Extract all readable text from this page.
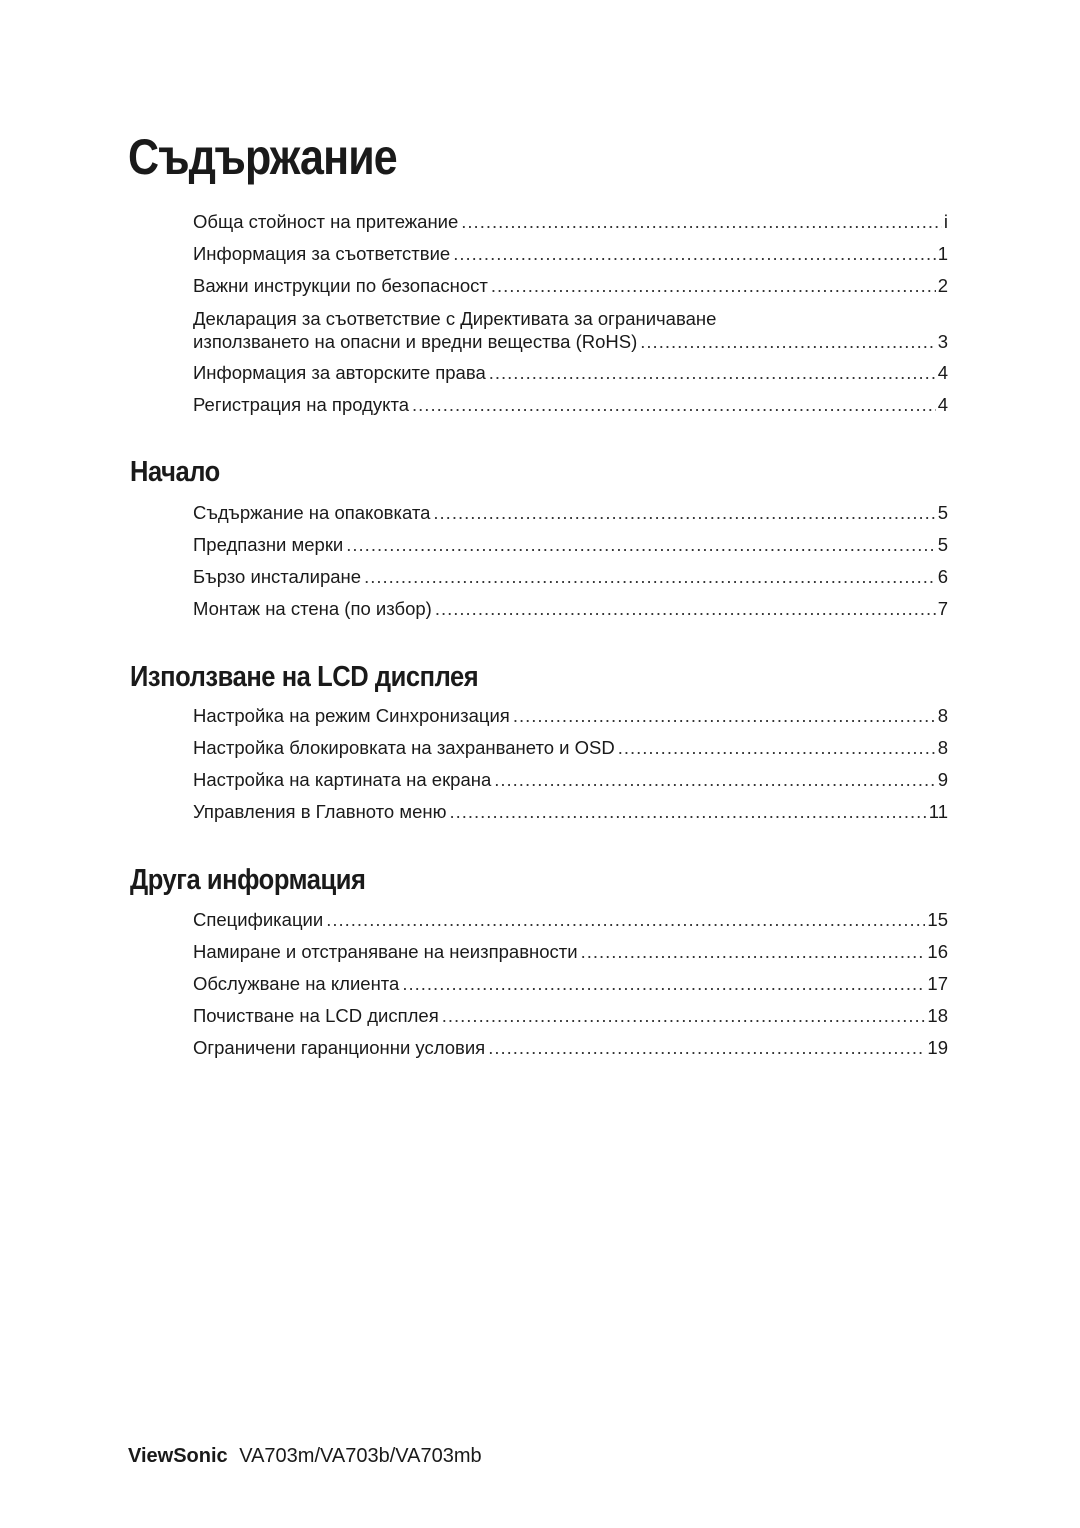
Съдържание
Обща стойност на притежание .....	i
Информация за съответствие .....	1
Важни инструкции по безопасност .....	2
Декларация за съответствие с Директивата за ограничаване
използването на опасни и вредни вещества (RoHS) .....	3
Информация за авторските права .....	4
Регистрация на продукта .....	4
Начало
Съдържание на опаковката .....	5
Предпазни мерки .....	5
Бързо инсталиране .....	6
Монтаж на стена (по избор) .....	7
Използване на LCD дисплея
Настройка на режим Синхронизация .....	8
Настройка блокировката на захранването и OSD .....	8
Настройка на картината на екрана .....	9
Управления в Главното меню .....	11
Друга информация
Спецификации .....	15
Намиране и отстраняване на неизправности .....	16
Обслужване на клиента .....	17
Почистване на LCD дисплея .....	18
Ограничени гаранционни условия .....	19
ViewSonic VA703m/VA703b/VA703mb
